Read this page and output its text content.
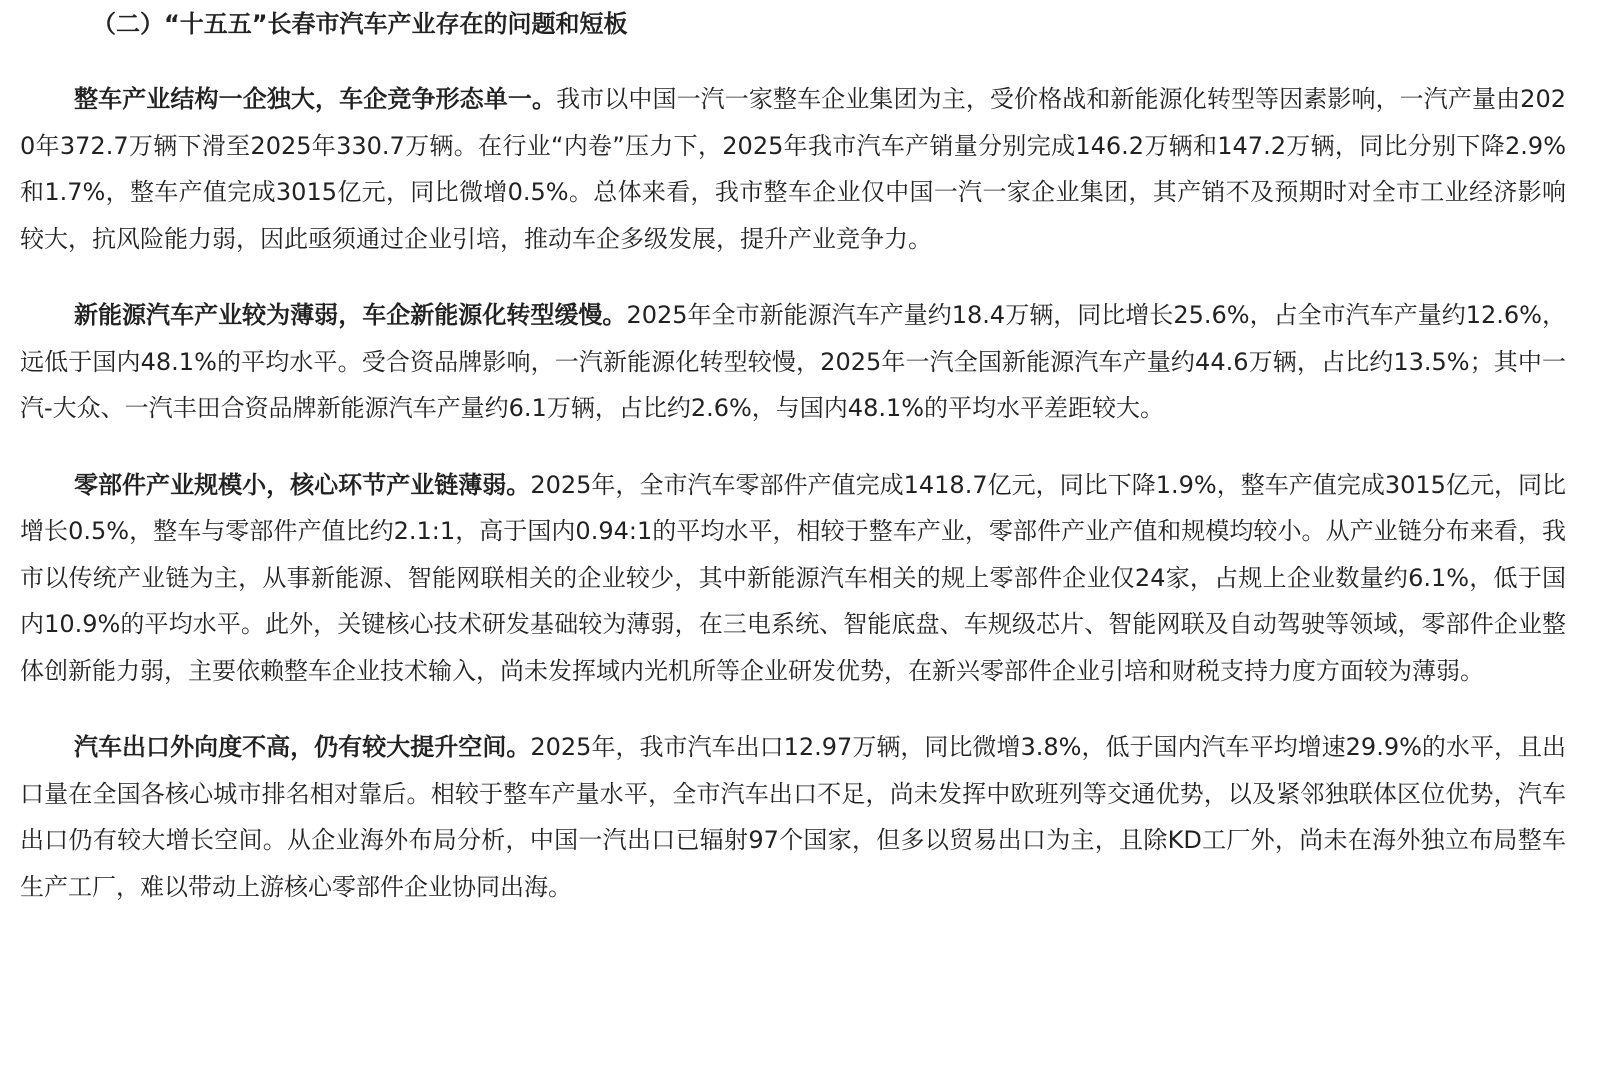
（二）“十五五”长春市汽车产业存在的问题和短板

整车产业结构一企独大，车企竞争形态单一。我市以中国一汽一家整车企业集团为主，受价格战和新能源化转型等因素影响，一汽产量由2020年372.7万辆下滑至2025年330.7万辆。在行业“内卷”压力下，2025年我市汽车产销量分别完成146.2万辆和147.2万辆，同比分别下降2.9%和1.7%，整车产值完成3015亿元，同比微增0.5%。总体来看，我市整车企业仅中国一汽一家企业集团，其产销不及预期时对全市工业经济影响较大，抗风险能力弱，因此亟须通过企业引培，推动车企多级发展，提升产业竞争力。

新能源汽车产业较为薄弱，车企新能源化转型缓慢。2025年全市新能源汽车产量约18.4万辆，同比增长25.6%，占全市汽车产量约12.6%，远低于国内48.1%的平均水平。受合资品牌影响，一汽新能源化转型较慢，2025年一汽全国新能源汽车产量约44.6万辆，占比约13.5%；其中一汽-大众、一汽丰田合资品牌新能源汽车产量约6.1万辆，占比约2.6%，与国内48.1%的平均水平差距较大。

零部件产业规模小，核心环节产业链薄弱。2025年，全市汽车零部件产值完成1418.7亿元，同比下降1.9%，整车产值完成3015亿元，同比增长0.5%，整车与零部件产值比约2.1:1，高于国内0.94:1的平均水平，相较于整车产业，零部件产业产值和规模均较小。从产业链分布来看，我市以传统产业链为主，从事新能源、智能网联相关的企业较少，其中新能源汽车相关的规上零部件企业仅24家，占规上企业数量约6.1%，低于国内10.9%的平均水平。此外，关键核心技术研发基础较为薄弱，在三电系统、智能底盘、车规级芯片、智能网联及自动驾驶等领域，零部件企业整体创新能力弱，主要依赖整车企业技术输入，尚未发挥域内光机所等企业研发优势，在新兴零部件企业引培和财税支持力度方面较为薄弱。

汽车出口外向度不高，仍有较大提升空间。2025年，我市汽车出口12.97万辆，同比微增3.8%，低于国内汽车平均增速29.9%的水平，且出口量在全国各核心城市排名相对靠后。相较于整车产量水平，全市汽车出口不足，尚未发挥中欧班列等交通优势，以及紧邻独联体区位优势，汽车出口仍有较大增长空间。从企业海外布局分析，中国一汽出口已辐射97个国家，但多以贸易出口为主，且除KD工厂外，尚未在海外独立布局整车生产工厂，难以带动上游核心零部件企业协同出海。
